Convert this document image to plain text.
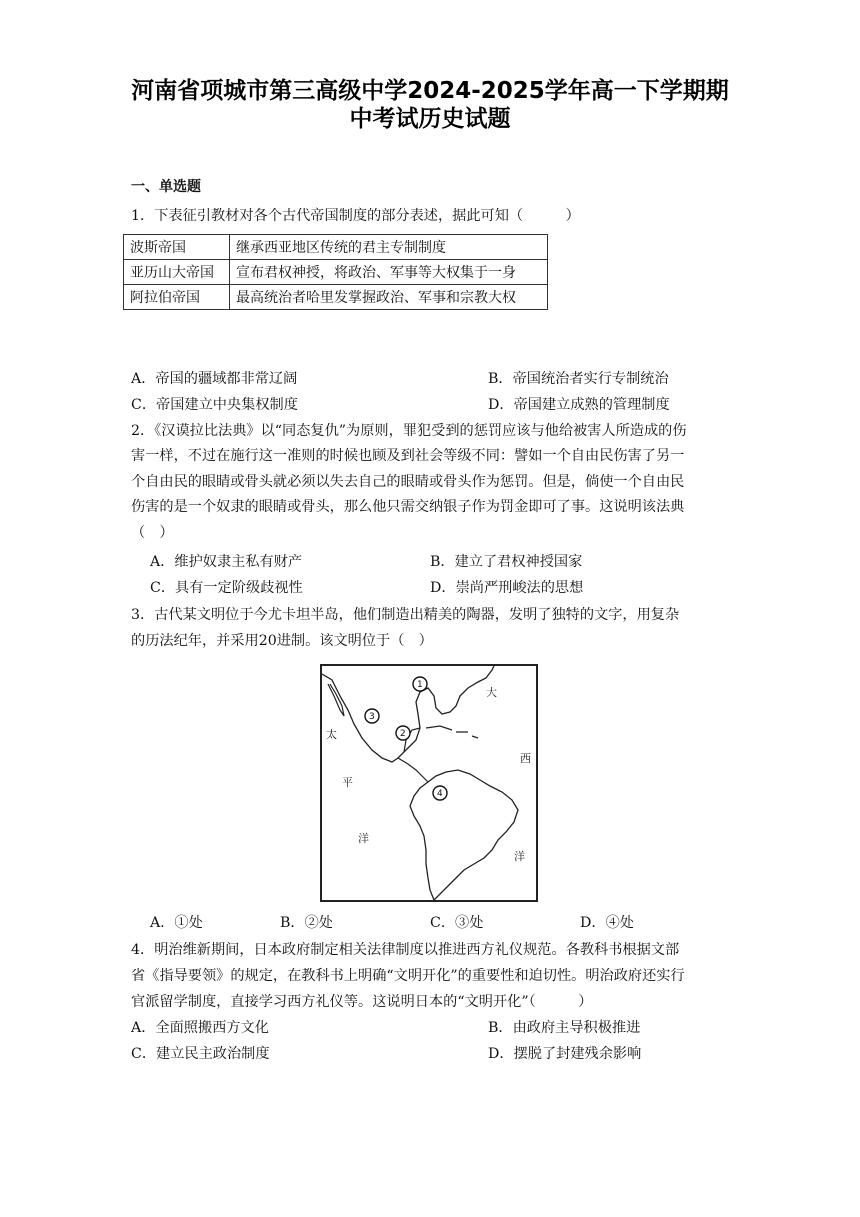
河南省项城市第三高级中学2024-2025学年高一下学期期
中考试历史试题
一、单选题
1．下表征引教材对各个古代帝国制度的部分表述，据此可知（　　　）
波斯帝国	继承西亚地区传统的君主专制制度
亚历山大帝国	宣布君权神授，将政治、军事等大权集于一身
阿拉伯帝国	最高统治者哈里发掌握政治、军事和宗教大权
A．帝国的疆域都非常辽阔	B．帝国统治者实行专制统治
C．帝国建立中央集权制度	D．帝国建立成熟的管理制度
2．《汉谟拉比法典》以“同态复仇”为原则，罪犯受到的惩罚应该与他给被害人所造成的伤
害一样，不过在施行这一准则的时候也顾及到社会等级不同：譬如一个自由民伤害了另一
个自由民的眼睛或骨头就必须以失去自己的眼睛或骨头作为惩罚。但是，倘使一个自由民
伤害的是一个奴隶的眼睛或骨头，那么他只需交纳银子作为罚金即可了事。这说明该法典
（　）
A．维护奴隶主私有财产	B．建立了君权神授国家
C．具有一定阶级歧视性	D．崇尚严刑峻法的思想
3．古代某文明位于今尤卡坦半岛，他们制造出精美的陶器，发明了独特的文字，用复杂
的历法纪年，并采用20进制。该文明位于（　）
大
西
洋
太
平
洋
1
2
3
4
A．①处	B．②处	C．③处	D．④处
4．明治维新期间，日本政府制定相关法律制度以推进西方礼仪规范。各教科书根据文部
省《指导要领》的规定，在教科书上明确“文明开化”的重要性和迫切性。明治政府还实行
官派留学制度，直接学习西方礼仪等。这说明日本的“文明开化”（　　　）
A．全面照搬西方文化	B．由政府主导积极推进
C．建立民主政治制度	D．摆脱了封建残余影响
